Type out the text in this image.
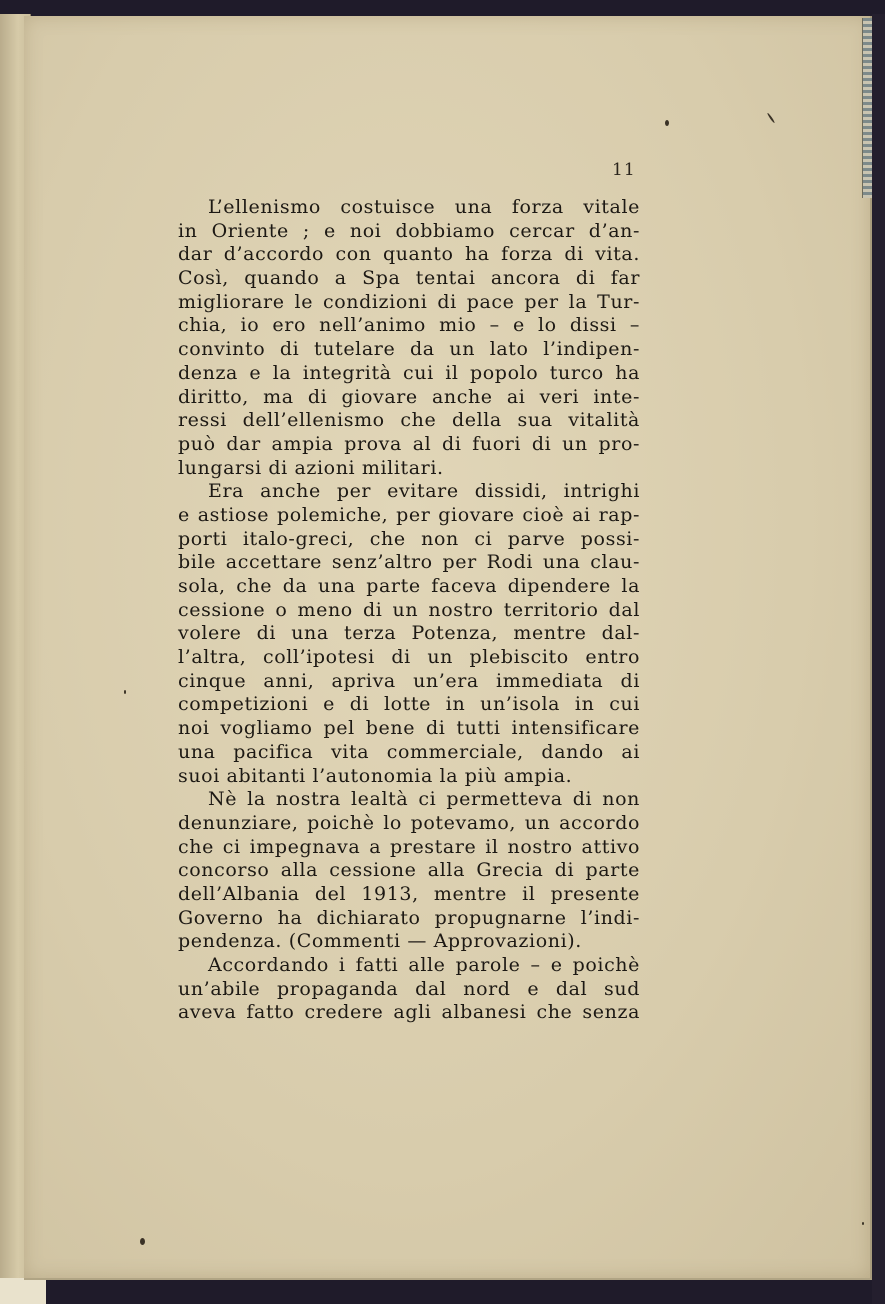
11
L’ellenismo costuisce una forza vitale
in Oriente ; e noi dobbiamo cercar d’an-
dar d’accordo con quanto ha forza di vita.
Così, quando a Spa tentai ancora di far
migliorare le condizioni di pace per la Tur-
chia, io ero nell’animo mio – e lo dissi –
convinto di tutelare da un lato l’indipen-
denza e la integrità cui il popolo turco ha
diritto, ma di giovare anche ai veri inte-
ressi dell’ellenismo che della sua vitalità
può dar ampia prova al di fuori di un pro-
lungarsi di azioni militari.
Era anche per evitare dissidi, intrighi
e astiose polemiche, per giovare cioè ai rap-
porti italo-greci, che non ci parve possi-
bile accettare senz’altro per Rodi una clau-
sola, che da una parte faceva dipendere la
cessione o meno di un nostro territorio dal
volere di una terza Potenza, mentre dal-
l’altra, coll’ipotesi di un plebiscito entro
cinque anni, apriva un’era immediata di
competizioni e di lotte in un’isola in cui
noi vogliamo pel bene di tutti intensificare
una pacifica vita commerciale, dando ai
suoi abitanti l’autonomia la più ampia.
Nè la nostra lealtà ci permetteva di non
denunziare, poichè lo potevamo, un accordo
che ci impegnava a prestare il nostro attivo
concorso alla cessione alla Grecia di parte
dell’Albania del 1913, mentre il presente
Governo ha dichiarato propugnarne l’indi-
pendenza. (Commenti — Approvazioni).
Accordando i fatti alle parole – e poichè
un’abile propaganda dal nord e dal sud
aveva fatto credere agli albanesi che senza
